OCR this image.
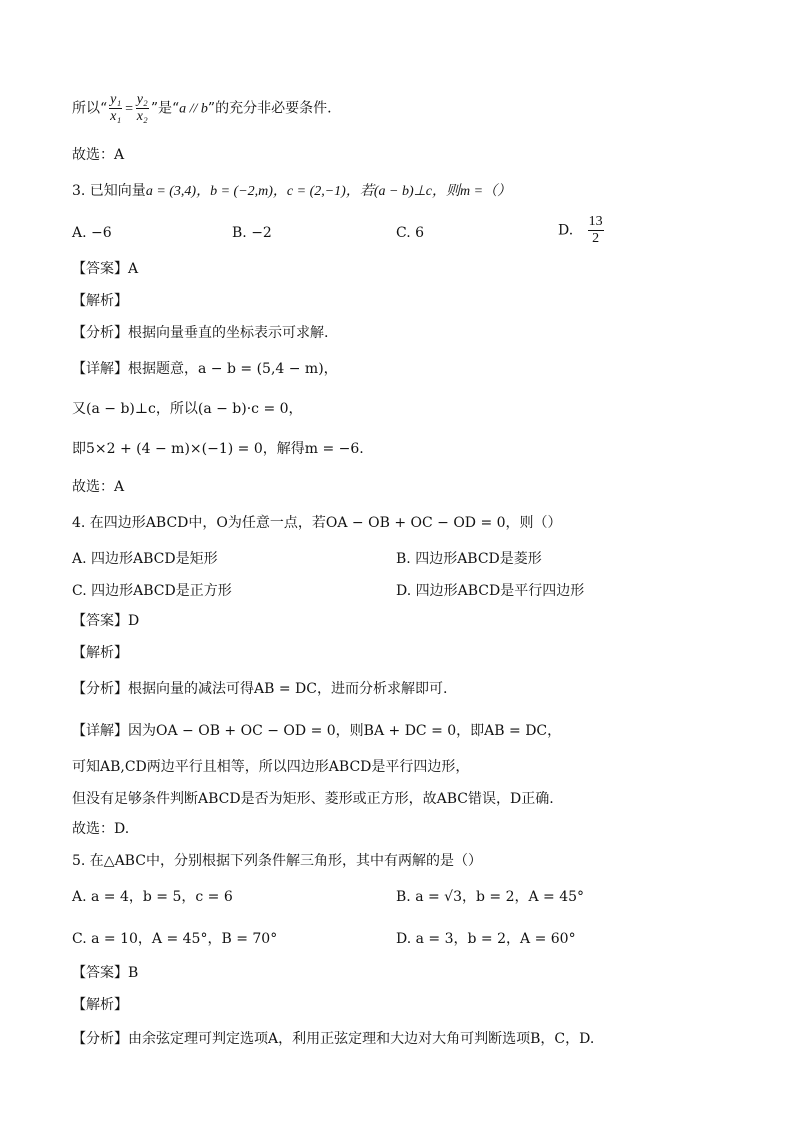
所以“ $\frac{\text{y₁}}{\text{x₁}} = \frac{\text{y₂}}{\text{x₂}}$ ”是“a // b”的充分非必要条件.
故选：A
3. 已知向量a = (3,4)，b = (−2,m)，c = (2,−1)，若(a − b)⊥c，则m =（）
A. −6	B. −2	C. 6	D. $\frac{13}{2}$
【答案】A
【解析】
【分析】根据向量垂直的坐标表示可求解.
【详解】根据题意，a − b = (5,4 − m)，
又(a − b)⊥c，所以(a − b)·c = 0，
即5×2 + (4 − m)×(−1) = 0，解得m = −6.
故选：A
4. 在四边形ABCD中，O为任意一点，若OA − OB + OC − OD = 0，则（）
A. 四边形ABCD是矩形	B. 四边形ABCD是菱形
C. 四边形ABCD是正方形	D. 四边形ABCD是平行四边形
【答案】D
【解析】
【分析】根据向量的减法可得AB = DC，进而分析求解即可.
【详解】因为OA − OB + OC − OD = 0，则BA + DC = 0，即AB = DC，
可知AB,CD两边平行且相等，所以四边形ABCD是平行四边形，
但没有足够条件判断ABCD是否为矩形、菱形或正方形，故ABC错误，D正确.
故选：D.
5. 在△ABC中，分别根据下列条件解三角形，其中有两解的是（）
A. a = 4，b = 5，c = 6	B. a = √3，b = 2，A = 45°
C. a = 10，A = 45°，B = 70°	D. a = 3，b = 2，A = 60°
【答案】B
【解析】
【分析】由余弦定理可判定选项A，利用正弦定理和大边对大角可判断选项B，C，D.
